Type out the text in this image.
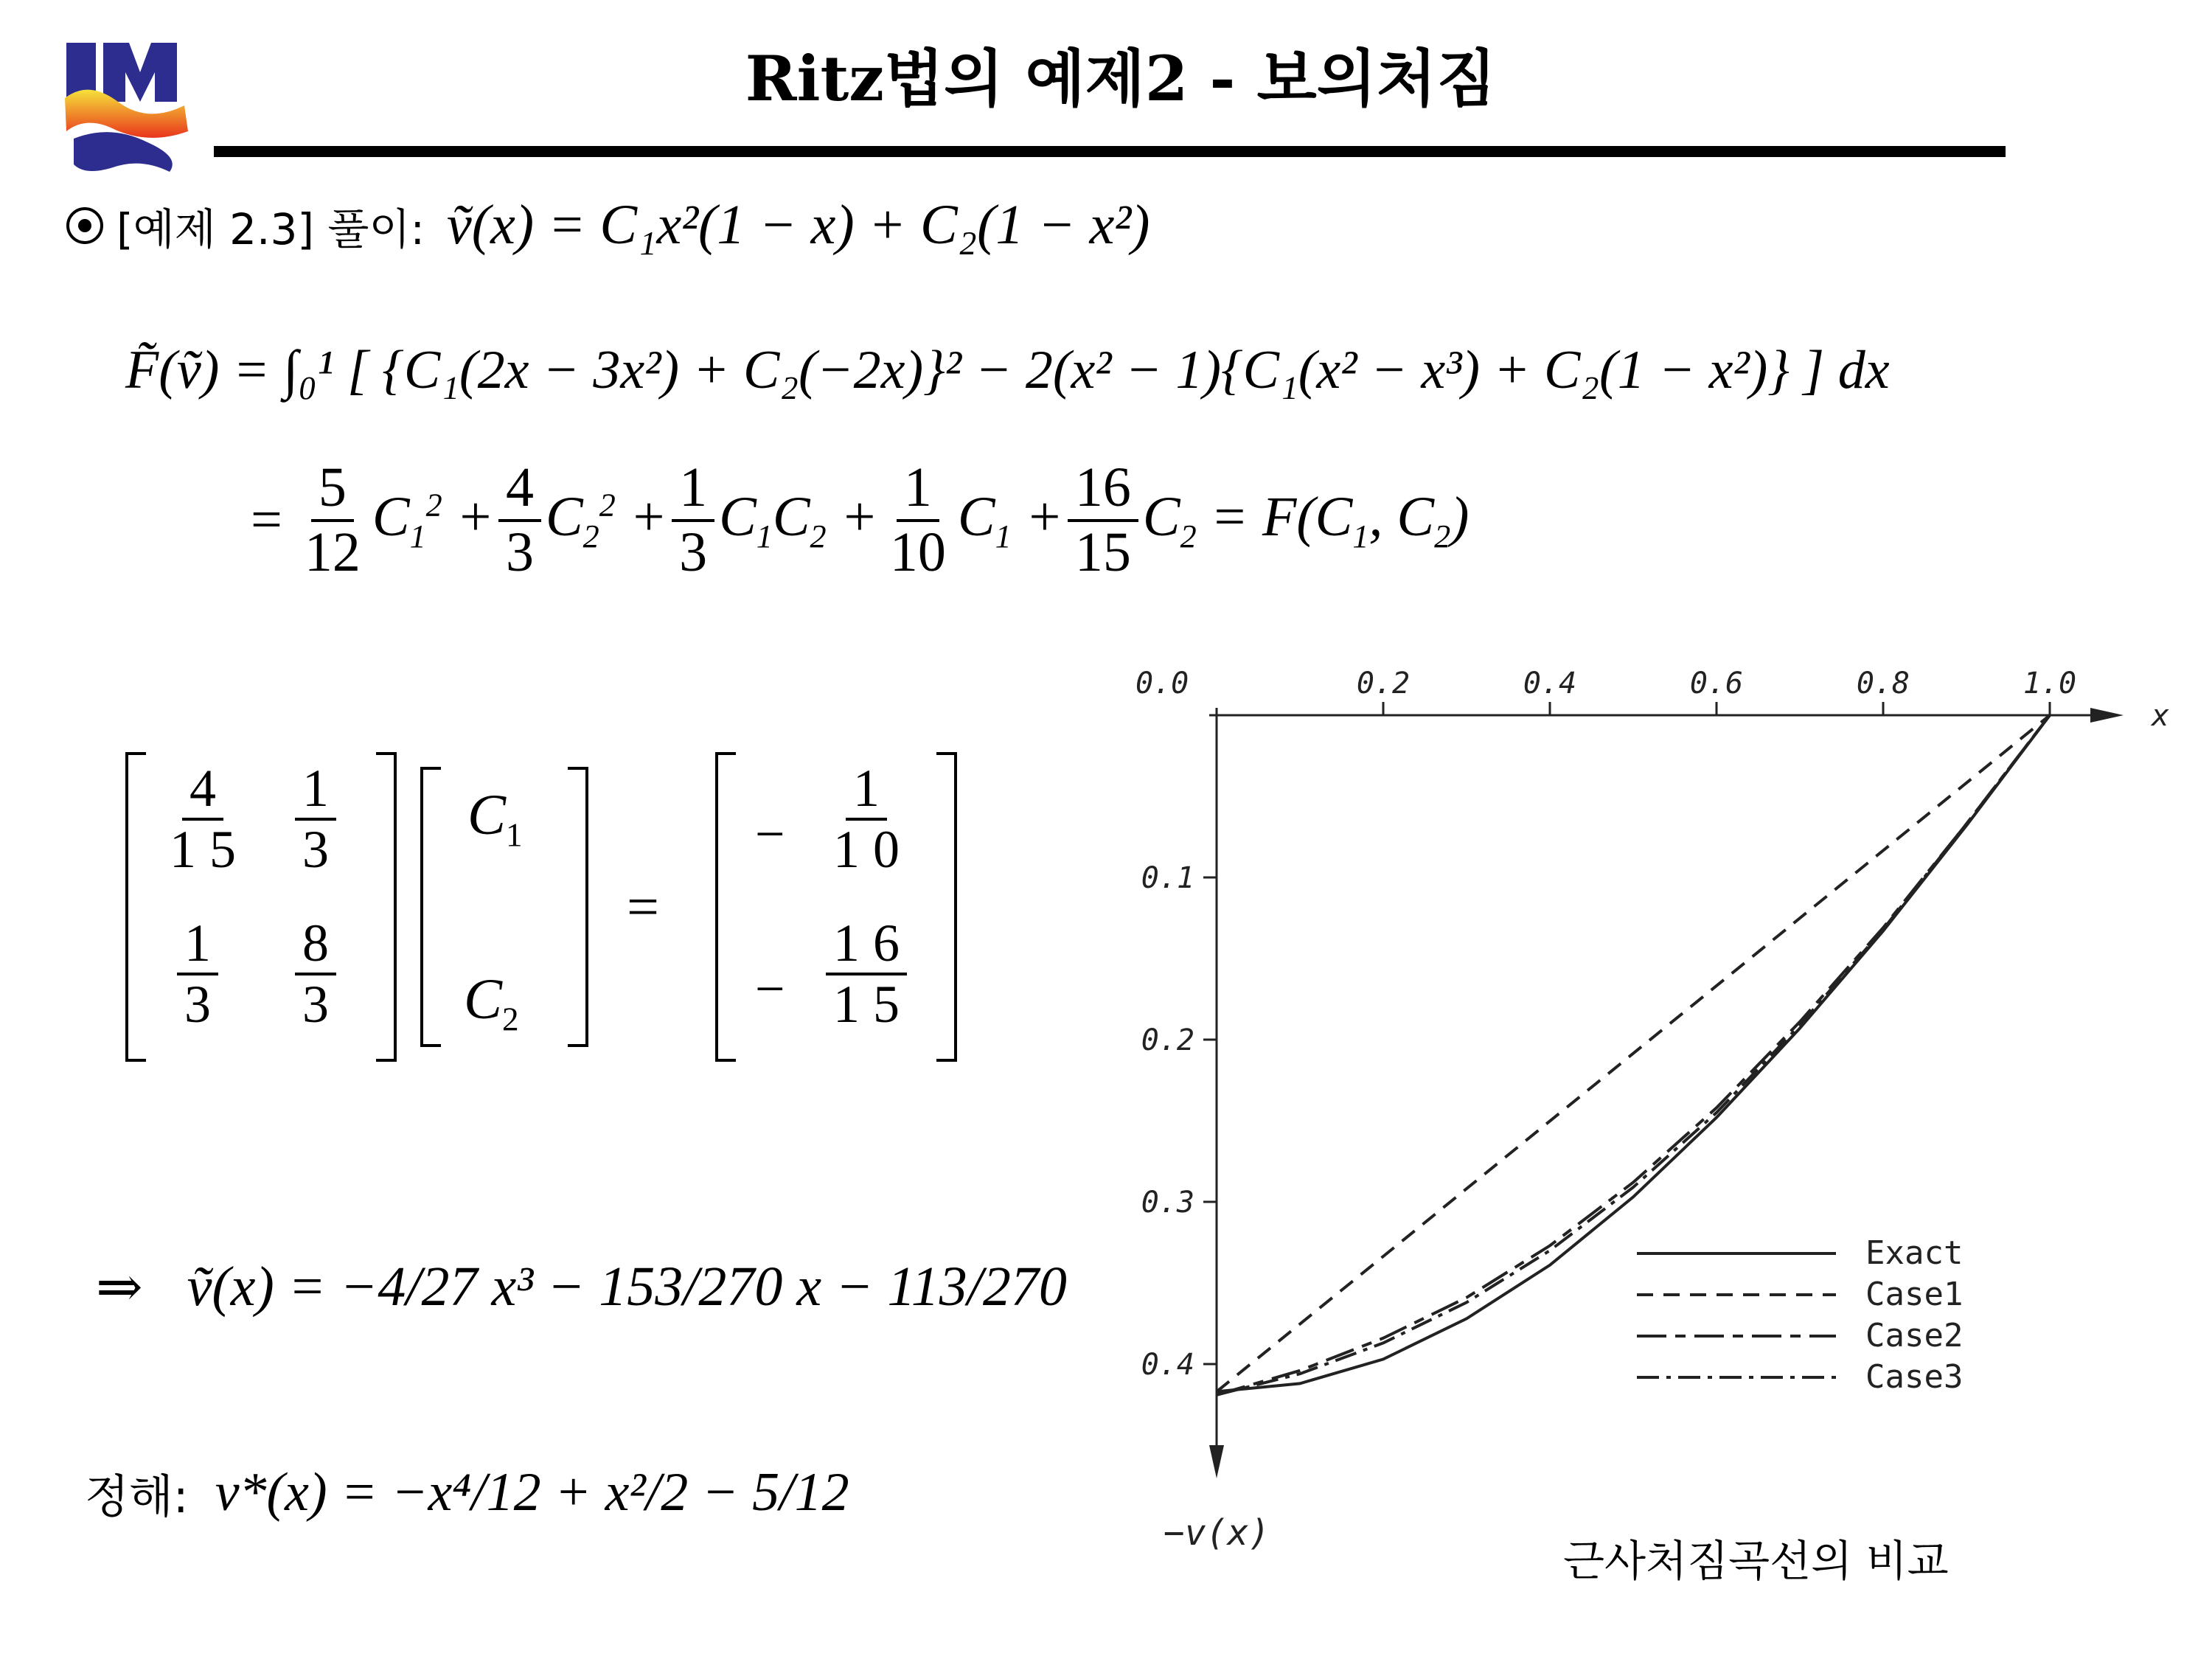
Ritz법의 예제2 - 보의처짐
[예제 2.3] 풀이: ṽ(x) = C₁x²(1 − x) + C₂(1 − x²)
F̃(ṽ) = ∫₀¹ [ {C₁(2x − 3x²) + C₂(−2x)}² − 2(x² − 1){C₁(x² − x³) + C₂(1 − x²)} ] dx
= $\frac{5}{12} C_1^2 + \frac{4}{3} C_2^2 + \frac{1}{3} C_1C_2 + \frac{1}{10} C_1 + \frac{16}{15} C_2 = F(C_1$, $C_2$)
$\frac{4}{1 5} \frac{1}{3}$
$\frac{1}{3} \frac{8}{3}$
$C_1$
$C_2$
=
− $\frac{1}{1 0}$
− $\frac{1 6}{1 5}$
⇒ ṽ(x) = −4/27 x³ − 153/270 x − 113/270
정해: v*(x) = −x⁴/12 + x²/2 − 5/12
0.0	0.2	0.4	0.6	0.8	1.0
0.1
0.2
0.3
0.4
x
−v(x)
Exact
Case1
Case2
Case3
근사처짐곡선의 비교
